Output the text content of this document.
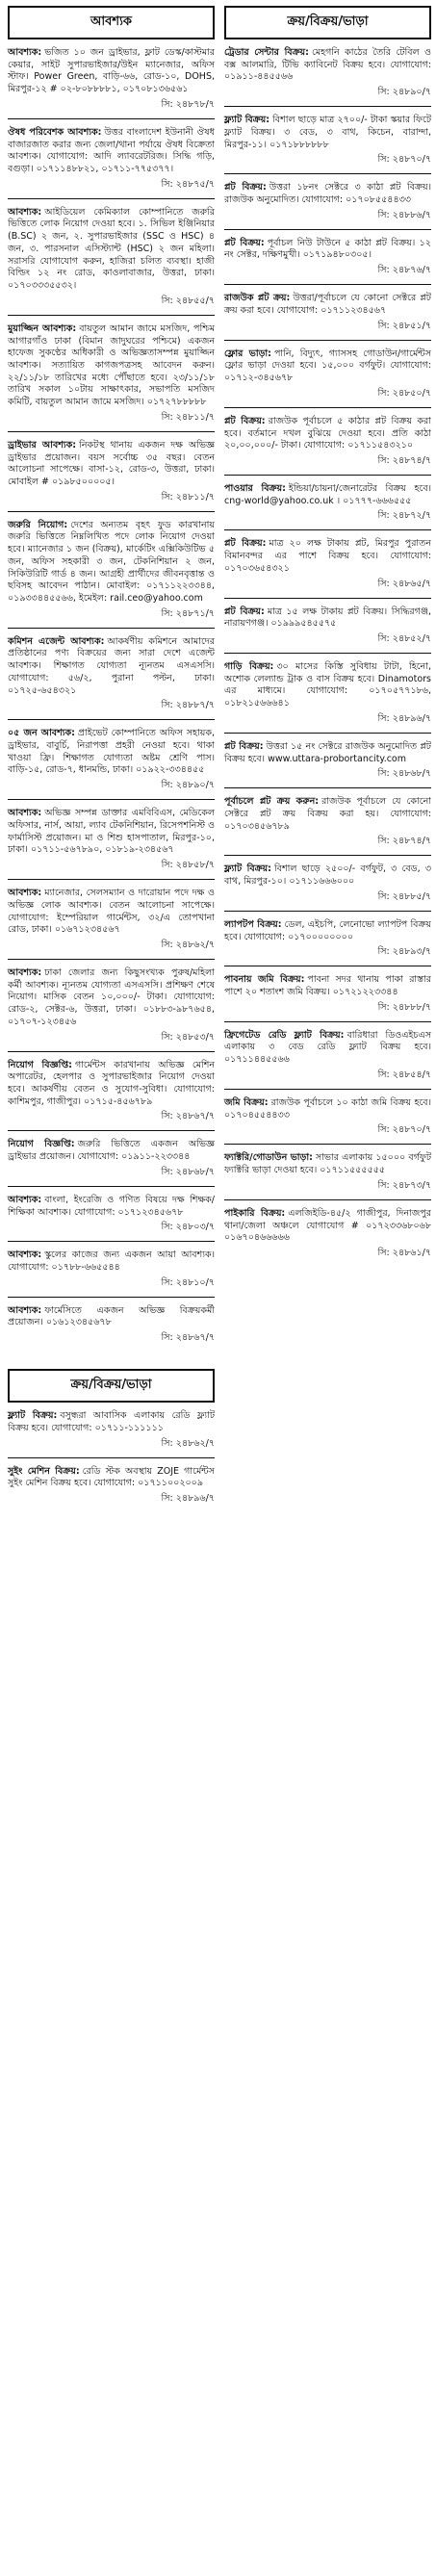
আবশ্যক

আবশ্যক: ভজিত ১০ জন ড্রাইভার, ফ্লাট ডেস্ক/কাস্টমার কেয়ার, সাইট সুপারভাইজার/উইন ম্যানেজার, অফিস স্টাফ। Power Green, বাড়ি-৬৬, রোড-১০, DOHS, মিরপুর-১২ # ০২-৮০৮৮৮৮১, ০১৭০৮১৩৬৫৬১

সি: ২৪৮৭৮/৭

ঔষধ পরিবেশক আবশ্যক: উত্তর বাংলাদেশ ইউনানী ঔষধ বাজারজাত করার জন্য জেলা/থানা পর্যায়ে ঔষধ বিক্রেতা আবশ্যক। যোগাযোগ: আদি ল্যাবরেটরিজ। সিদ্ধি গড়ি, বগুড়া। ০১৭১১৪৮৮২১, ০১৭১১-৭৭৫৩৭৭।

সি: ২৪৮৭৫/৭

আবশ্যক: আইডিয়েল কেমিক্যাল কোম্পানিতে জরুরি ভিত্তিতে লোক নিয়োগ দেওয়া হবে। ১. সিভিল ইঞ্জিনিয়ার (B.SC) ২ জন, ২. সুপারভাইজার (SSC ও HSC) ৪ জন, ৩. পারসনাল এসিস্ট্যান্ট (HSC) ২ জন মহিলা। সরাসরি যোগাযোগ করুন, হাজিরা চলিত ব্যবস্থা। হাজী বিল্ডিং ১২ নং রোড, কাওলাবাজার, উত্তরা, ঢাকা। ০১৭০৩৩৩৫৫৩২।

সি: ২৪৮৫৫/৭

মুয়াজ্জিন আবশ্যক: বায়তুল আমান জামে মসজিদ, পশ্চিম আগারগাঁও ঢাকা (বিমান জাদুঘরের পশ্চিমে) একজন হাফেজ সুকণ্ঠের অধিকারী ও অভিজ্ঞতাসম্পন্ন মুয়াজ্জিন আবশ্যক। সত্যায়িত কাগজপত্রসহ আবেদন করুন। ২২/১১/১৮ তারিখের মধ্যে পৌঁছাতে হবে। ২৩/১১/১৮ তারিখ সকাল ১০টায় সাক্ষাৎকার, সভাপতি মসজিদ কমিটি, বায়তুল আমান জামে মসজিদ। ০১৭২৭৮৮৮৮৮

সি: ২৪৮১১/৭

ড্রাইভার আবশ্যক: নিকটস্থ থানায় একজন দক্ষ অভিজ্ঞ ড্রাইভার প্রয়োজন। বয়স সর্বোচ্চ ৩৫ বছর। বেতন আলোচনা সাপেক্ষে। বাসা-১২, রোড-৩, উত্তরা, ঢাকা। মোবাইল # ০১৯৮৫০০০০৫।

সি: ২৪৮১১/৭

জরুরি নিয়োগ: দেশের অন্যতম বৃহৎ ফুড কারখানায় জরুরি ভিত্তিতে নিম্নলিখিত পদে লোক নিয়োগ দেওয়া হবে। ম্যানেজার ১ জন (বিক্রয়), মার্কেটিং এক্সিকিউটিভ ৫ জন, অফিস সহকারী ৩ জন, টেকনিশিয়ান ২ জন, সিকিউরিটি গার্ড ৪ জন। আগ্রহী প্রার্থীদের জীবনবৃত্তান্ত ও ছবিসহ আবেদন পাঠান। মোবাইল: ০১৭১১২২৩৩৪৪, ০১৯৩৩৪৪৫৫৬৬, ইমেইল: rail.ceo@yahoo.com

সি: ২৪৮৭১/৭

কমিশন এজেন্ট আবশ্যক: আকর্ষণীয় কমিশনে আমাদের প্রতিষ্ঠানের পণ্য বিক্রয়ের জন্য সারা দেশে এজেন্ট আবশ্যক। শিক্ষাগত যোগ্যতা ন্যূনতম এসএসসি। যোগাযোগ: ৫৬/২, পুরানা পল্টন, ঢাকা। ০১৭২৫-৬৫৪৩২১

সি: ২৪৮৮৭/৭

০৫ জন আবশ্যক: প্রাইভেট কোম্পানিতে অফিস সহায়ক, ড্রাইভার, বাবুর্চি, নিরাপত্তা প্রহরী নেওয়া হবে। থাকা খাওয়া ফ্রি। শিক্ষাগত যোগ্যতা অষ্টম শ্রেণি পাস। বাড়ি-১৫, রোড-৭, ধানমন্ডি, ঢাকা। ০১৯২২-৩৩৪৪৫৫

সি: ২৪৮৯০/৭

আবশ্যক: অভিজ্ঞ সম্পন্ন ডাক্তার এমবিবিএস, মেডিকেল অফিসার, নার্স, আয়া, ল্যাব টেকনিশিয়ান, রিসেপশনিস্ট ও ফার্মাসিস্ট প্রয়োজন। মা ও শিশু হাসপাতাল, মিরপুর-১০, ঢাকা। ০১৭১১-৫৬৭৮৯০, ০১৮১৯-২৩৪৫৬৭

সি: ২৪৮৫৮/৭

আবশ্যক: ম্যানেজার, সেলসম্যান ও দারোয়ান পদে দক্ষ ও অভিজ্ঞ লোক আবশ্যক। বেতন আলোচনা সাপেক্ষে। যোগাযোগ: ইম্পেরিয়াল গার্মেন্টস, ৩২/এ তোপখানা রোড, ঢাকা। ০১৬৭১২৩৪৫৬৭

সি: ২৪৮৬২/৭

আবশ্যক: ঢাকা জেলার জন্য কিছুসংখ্যক পুরুষ/মহিলা কর্মী আবশ্যক। ন্যূনতম যোগ্যতা এসএসসি। প্রশিক্ষণ শেষে নিয়োগ। মাসিক বেতন ১০,০০০/- টাকা। যোগাযোগ: রোড-২, সেক্টর-৬, উত্তরা, ঢাকা। ০১৮৮৩-৯৮৭৬৫৪, ০১৭০৭-১২৩৪৫৬

সি: ২৪৮৫৩/৭

নিয়োগ বিজ্ঞপ্তি: গার্মেন্টস কারখানায় অভিজ্ঞ মেশিন অপারেটর, হেলপার ও সুপারভাইজার নিয়োগ দেওয়া হবে। আকর্ষণীয় বেতন ও সুযোগ-সুবিধা। যোগাযোগ: কাশিমপুর, গাজীপুর। ০১৭১৫-৪৫৬৭৮৯

সি: ২৪৮৬৭/৭

নিয়োগ বিজ্ঞপ্তি: জরুরি ভিত্তিতে একজন অভিজ্ঞ ড্রাইভার প্রয়োজন। যোগাযোগ: ০১৯১১-২২৩৩৪৪

সি: ২৪৮৬৮/৭

আবশ্যক: বাংলা, ইংরেজি ও গণিত বিষয়ে দক্ষ শিক্ষক/শিক্ষিকা আবশ্যক। যোগাযোগ: ০১৭১২৩৪৫৬৭৮

সি: ২৪৮০৩/৭

আবশ্যক: স্কুলের কাজের জন্য একজন আয়া আবশ্যক। যোগাযোগ: ০১৭৮৮-৬৬৫৫৪৪

সি: ২৪৮১০/৭

আবশ্যক: ফার্মেসিতে একজন অভিজ্ঞ বিক্রয়কর্মী প্রয়োজন। ০১৬১২৩৪৫৬৭৮

সি: ২৪৮৬৭/৭
ক্রয়/বিক্রয়/ভাড়া

ফ্ল্যাট বিক্রয়: বসুন্ধরা আবাসিক এলাকায় রেডি ফ্ল্যাট বিক্রয় হবে। যোগাযোগ: ০১৭১১-১১১১১১

সি: ২৪৮৬২/৭

সুইং মেশিন বিক্রয়: রেডি স্টক অবস্থায় ZOJE গার্মেন্টস সুইং মেশিন বিক্রয় হবে। যোগাযোগ: ০১৭১১০০২০০৯

সি: ২৪৮৯৬/৭
ক্রয়/বিক্রয়/ভাড়া

ট্রেডার সেন্টার বিক্রয়: মেহগনি কাঠের তৈরি টেবিল ও বক্স আলমারি, টিভি ক্যাবিনেট বিক্রয় হবে। যোগাযোগ: ০১৯১১-৪৪৫৫৬৬

সি: ২৪৮৯০/৭

ফ্ল্যাট বিক্রয়: বিশাল ছাড়ে মাত্র ২৭০০/- টাকা স্কয়ার ফিটে ফ্ল্যাট বিক্রয়। ৩ বেড, ৩ বাথ, কিচেন, বারান্দা, মিরপুর-১১। ০১৭১৮৮৮৮৮৮

সি: ২৪৮৭০/৭

প্লট বিক্রয়: উত্তরা ১৮নং সেক্টরে ৩ কাঠা প্লট বিক্রয়। রাজউক অনুমোদিত। যোগাযোগ: ০১৭০৮৫৫৪৪৩৩

সি: ২৪৮৮৬/৭

প্লট বিক্রয়: পূর্বাচল নিউ টাউনে ৫ কাঠা প্লট বিক্রয়। ১২ নং সেক্টর, দক্ষিণমুখী। ০১৭১৯৪৮০৩০৫।

সি: ২৪৮৭৬/৭

রাজউক প্লট ক্রয়: উত্তরা/পূর্বাচলে যে কোনো সেক্টরে প্লট ক্রয় করা হবে। যোগাযোগ: ০১৭১১২৩৪৫৬৭

সি: ২৪৮৫১/৭

ফ্লোর ভাড়া: পানি, বিদ্যুৎ, গ্যাসসহ গোডাউন/গার্মেন্টস ফ্লোর ভাড়া দেওয়া হবে। ১৫,০০০ বর্গফুট। যোগাযোগ: ০১৭১২-৩৪৫৬৭৮

সি: ২৪৮৫০/৭

প্লট বিক্রয়: রাজউক পূর্বাচলে ৫ কাঠার প্লট বিক্রয় করা হবে। বর্তমানে দখল বুঝিয়ে দেওয়া হবে। প্রতি কাঠা ২০,০০,০০০/- টাকা। যোগাযোগ: ০১৭১১৫৪৩২১০

সি: ২৪৮৭৪/৭

পাওয়ার বিক্রয়: ইন্ডিয়া/চায়না/জেনারেটর বিক্রয় হবে। cng-world@yahoo.co.uk । ০১৭৭৭-৬৬৬৫৫৫

সি: ২৪৮৭২/৭

প্লট বিক্রয়: মাত্র ২০ লক্ষ টাকায় প্লট, মিরপুর পুরাতন বিমানবন্দর এর পাশে বিক্রয় হবে। যোগাযোগ: ০১৭০৩৬৫৪৩২১

সি: ২৪৮৬৫/৭

প্লট বিক্রয়: মাত্র ১৫ লক্ষ টাকায় প্লট বিক্রয়। সিদ্ধিরগঞ্জ, নারায়ণগঞ্জ। ০১৯৯৯৫৪৫৫৭৫

সি: ২৪৮৫২/৭

গাড়ি বিক্রয়: ৩০ মাসের কিস্তি সুবিধায় টাটা, হিনো, অশোক লেল্যান্ড ট্রাক ও বাস বিক্রয় হবে। Dinamotors এর মাধ্যমে। যোগাযোগ: ০১৭০৫৭৭১৮৬, ০১৮২১৫৬৬৬৪১

সি: ২৪৮৯৬/৭

প্লট বিক্রয়: উত্তরা ১৫ নং সেক্টরে রাজউক অনুমোদিত প্লট বিক্রয় হবে। www.uttara-probortancity.com

সি: ২৪৮৬৮/৭

পূর্বাচলে প্লট ক্রয় করুন: রাজউক পূর্বাচলে যে কোনো সেক্টরে প্লট ক্রয় বিক্রয় করা হয়। যোগাযোগ: ০১৭০৩৪৫৬৭৮৯

সি: ২৪৮৭৪/৭

ফ্ল্যাট বিক্রয়: বিশাল ছাড়ে ২৫০০/- বর্গফুট, ৩ বেড, ৩ বাথ, মিরপুর-১০। ০১৭১১৬৬৬০০০

সি: ২৪৮৮৫/৭

ল্যাপটপ বিক্রয়: ডেল, এইচপি, লেনোভো ল্যাপটপ বিক্রয় হবে। যোগাযোগ: ০১৭০০০০০০০০

সি: ২৪৮৯৩/৭

পাবনায় জমি বিক্রয়: পাবনা সদর থানায় পাকা রাস্তার পাশে ২০ শতাংশ জমি বিক্রয়। ০১৭২১২২৩৩৪৪

সি: ২৪৮৮৮/৭

ফ্রিগেটেড রেডি ফ্ল্যাট বিক্রয়: বারিধারা ডিওএইচএস এলাকায় ৩ বেড রেডি ফ্ল্যাট বিক্রয় হবে। ০১৭১১৪৪৫৫৬৬

সি: ২৪৮৫৪/৭

জমি বিক্রয়: রাজউক পূর্বাচলে ১০ কাঠা জমি বিক্রয় হবে। ০১৭০৪৫৫৪৪৩৩

সি: ২৪৮৭০/৭

ফ্যাক্টরি/গোডাউন ভাড়া: সাভার এলাকায় ১৫০০০ বর্গফুট ফ্যাক্টরি ভাড়া দেওয়া হবে। ০১৭১১৫৫৫৫৫৫

সি: ২৪৮৭৩/৭

পাইকারি বিক্রয়: এলজিইডি-৪৫/২ গাজীপুর, দিনাজপুর থানা/জেলা অঞ্চলে যোগাযোগ # ০১৭২৩৩৬৮০৬৮ ০১৬৭০৪৬৬৬৬৬

সি: ২৪৮৬১/৭
